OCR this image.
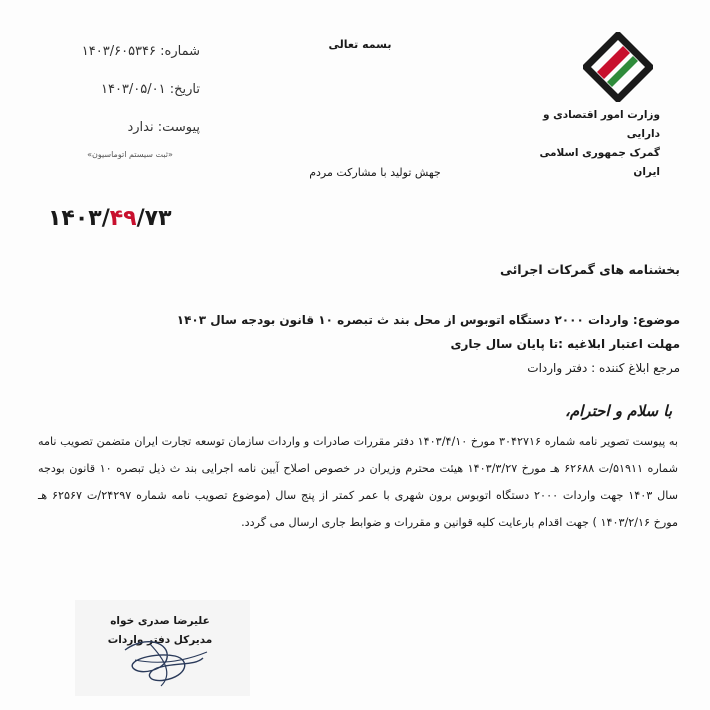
بسمه تعالی
شماره: ۱۴۰۳/۶۰۵۳۴۶
تاریخ: ۱۴۰۳/۰۵/۰۱
پیوست: ندارد
«ثبت سیستم اتوماسیون»
جهش تولید با مشارکت مردم
وزارت امور اقتصادی و دارایی
گمرک جمهوری اسلامی ایران
۱۴۰۳/۴۹/۷۳
بخشنامه های گمرکات اجرائی
موضوع: واردات ۲۰۰۰ دستگاه اتوبوس از محل بند ث تبصره ۱۰ قانون بودجه سال ۱۴۰۳
مهلت اعتبار ابلاغیه :تا پایان سال جاری
مرجع ابلاغ کننده : دفتر واردات
با سلام و احترام،
به پیوست تصویر نامه شماره ۳۰۴۲۷۱۶ مورخ ۱۴۰۳/۴/۱۰ دفتر مقررات صادرات و واردات سازمان توسعه تجارت ایران متضمن تصویب نامه شماره ۵۱۹۱۱/ت ۶۲۶۸۸ هـ مورخ ۱۴۰۳/۳/۲۷ هیئت محترم وزیران در خصوص اصلاح آیین نامه اجرایی بند ث ذیل تبصره ۱۰ قانون بودجه سال ۱۴۰۳ جهت واردات ۲۰۰۰ دستگاه اتوبوس برون شهری با عمر کمتر از پنج سال (موضوع تصویب نامه شماره ۲۴۲۹۷/ت ۶۲۵۶۷ هـ مورخ ۱۴۰۳/۲/۱۶ ) جهت اقدام بارعایت کلیه قوانین و مقررات و ضوابط جاری ارسال می گردد.
علیرضا صدری خواه
مدیرکل دفتر واردات
